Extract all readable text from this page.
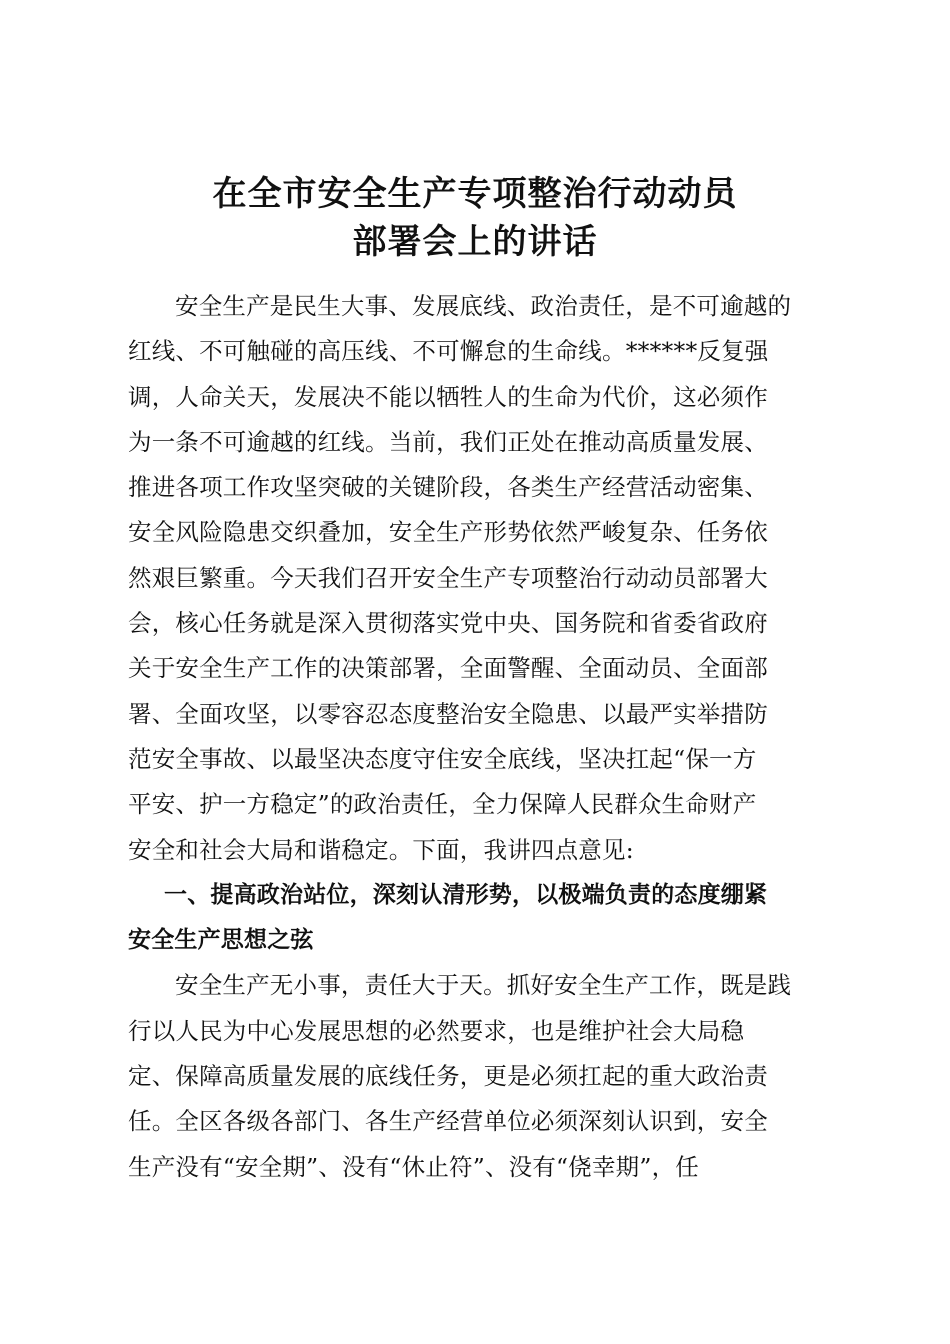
在全市安全生产专项整治行动动员
部署会上的讲话
安全生产是民生大事、发展底线、政治责任，是不可逾越的
红线、不可触碰的高压线、不可懈怠的生命线。******反复强
调，人命关天，发展决不能以牺牲人的生命为代价，这必须作
为一条不可逾越的红线。当前，我们正处在推动高质量发展、
推进各项工作攻坚突破的关键阶段，各类生产经营活动密集、
安全风险隐患交织叠加，安全生产形势依然严峻复杂、任务依
然艰巨繁重。今天我们召开安全生产专项整治行动动员部署大
会，核心任务就是深入贯彻落实党中央、国务院和省委省政府
关于安全生产工作的决策部署，全面警醒、全面动员、全面部
署、全面攻坚，以零容忍态度整治安全隐患、以最严实举措防
范安全事故、以最坚决态度守住安全底线，坚决扛起“保一方
平安、护一方稳定”的政治责任，全力保障人民群众生命财产
安全和社会大局和谐稳定。下面，我讲四点意见:
一、提高政治站位，深刻认清形势，以极端负责的态度绷紧
安全生产思想之弦
安全生产无小事，责任大于天。抓好安全生产工作，既是践
行以人民为中心发展思想的必然要求，也是维护社会大局稳
定、保障高质量发展的底线任务，更是必须扛起的重大政治责
任。全区各级各部门、各生产经营单位必须深刻认识到，安全
生产没有“安全期”、没有“休止符”、没有“侥幸期”，任
